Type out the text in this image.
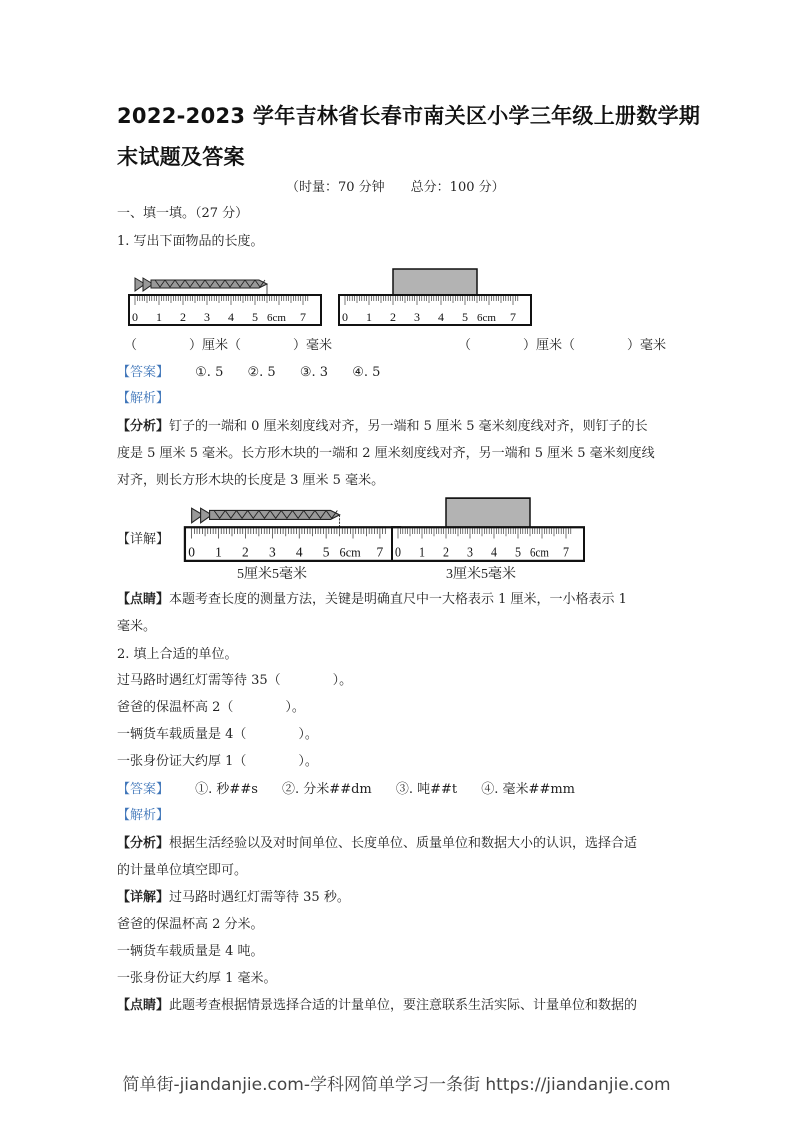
2022-2023 学年吉林省长春市南关区小学三年级上册数学期
末试题及答案
（时量：70 分钟　　总分：100 分）
一、填一填。（27 分）
1. 写出下面物品的长度。
0 1 2 3 4 5 6cm 7	0 1 2 3 4 5 6cm 7
（　　　　）厘米（　　　　）毫米	（　　　　）厘米（　　　　）毫米
【答案】 ①. 5 ②. 5 ③. 3 ④. 5
【解析】
【分析】钉子的一端和 0 厘米刻度线对齐，另一端和 5 厘米 5 毫米刻度线对齐，则钉子的长
度是 5 厘米 5 毫米。长方形木块的一端和 2 厘米刻度线对齐，另一端和 5 厘米 5 毫米刻度线
对齐，则长方形木块的长度是 3 厘米 5 毫米。
【详解】
0 1 2 3 4 5 6cm 7 0 1 2 3 4 5 6cm 7
5厘米5毫米	3厘米5毫米
【点睛】本题考查长度的测量方法，关键是明确直尺中一大格表示 1 厘米，一小格表示 1
毫米。
2. 填上合适的单位。
过马路时遇红灯需等待 35（　　　　）。
爸爸的保温杯高 2（　　　　）。
一辆货车载质量是 4（　　　　）。
一张身份证大约厚 1（　　　　）。
【答案】 ①. 秒##s ②. 分米##dm ③. 吨##t ④. 毫米##mm
【解析】
【分析】根据生活经验以及对时间单位、长度单位、质量单位和数据大小的认识，选择合适
的计量单位填空即可。
【详解】过马路时遇红灯需等待 35 秒。
爸爸的保温杯高 2 分米。
一辆货车载质量是 4 吨。
一张身份证大约厚 1 毫米。
【点睛】此题考查根据情景选择合适的计量单位，要注意联系生活实际、计量单位和数据的
简单街-jiandanjie.com-学科网简单学习一条街 https://jiandanjie.com
